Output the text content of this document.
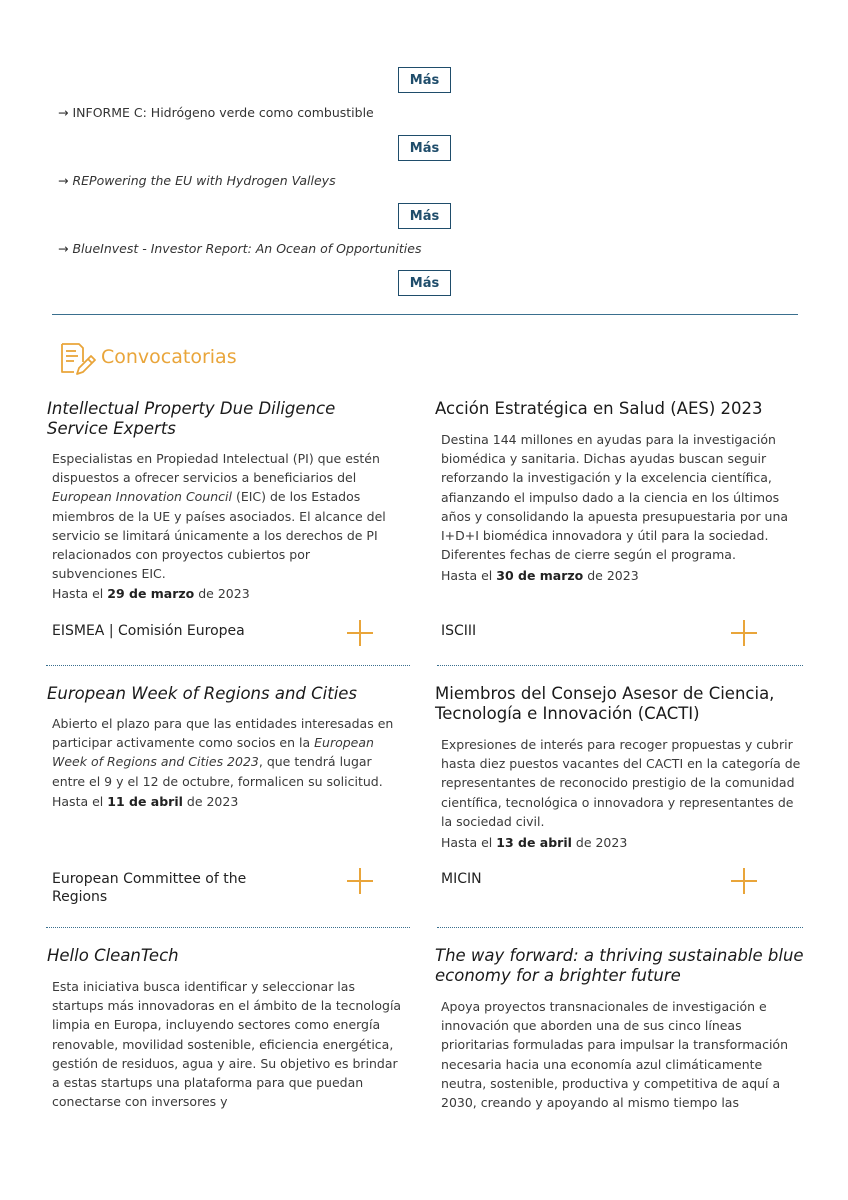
Más
→ INFORME C: Hidrógeno verde como combustible
Más
→ REPowering the EU with Hydrogen Valleys
Más
→ BlueInvest - Investor Report: An Ocean of Opportunities
Más
Convocatorias
Intellectual Property Due Diligence Service Experts
Especialistas en Propiedad Intelectual (PI) que estén dispuestos a ofrecer servicios a beneficiarios del European Innovation Council (EIC) de los Estados miembros de la UE y países asociados. El alcance del servicio se limitará únicamente a los derechos de PI relacionados con proyectos cubiertos por subvenciones EIC.
Hasta el 29 de marzo de 2023
EISMEA | Comisión Europea
Acción Estratégica en Salud (AES) 2023
Destina 144 millones en ayudas para la investigación biomédica y sanitaria. Dichas ayudas buscan seguir reforzando la investigación y la excelencia científica, afianzando el impulso dado a la ciencia en los últimos años y consolidando la apuesta presupuestaria por una I+D+I biomédica innovadora y útil para la sociedad. Diferentes fechas de cierre según el programa.
Hasta el 30 de marzo de 2023
ISCIII
European Week of Regions and Cities
Abierto el plazo para que las entidades interesadas en participar activamente como socios en la European Week of Regions and Cities 2023, que tendrá lugar entre el 9 y el 12 de octubre, formalicen su solicitud.
Hasta el 11 de abril de 2023
European Committee of the Regions
Miembros del Consejo Asesor de Ciencia, Tecnología e Innovación (CACTI)
Expresiones de interés para recoger propuestas y cubrir hasta diez puestos vacantes del CACTI en la categoría de representantes de reconocido prestigio de la comunidad científica, tecnológica o innovadora y representantes de la sociedad civil.
Hasta el 13 de abril de 2023
MICIN
Hello CleanTech
Esta iniciativa busca identificar y seleccionar las startups más innovadoras en el ámbito de la tecnología limpia en Europa, incluyendo sectores como energía renovable, movilidad sostenible, eficiencia energética, gestión de residuos, agua y aire. Su objetivo es brindar a estas startups una plataforma para que puedan conectarse con inversores y
The way forward: a thriving sustainable blue economy for a brighter future
Apoya proyectos transnacionales de investigación e innovación que aborden una de sus cinco líneas prioritarias formuladas para impulsar la transformación necesaria hacia una economía azul climáticamente neutra, sostenible, productiva y competitiva de aquí a 2030, creando y apoyando al mismo tiempo las
